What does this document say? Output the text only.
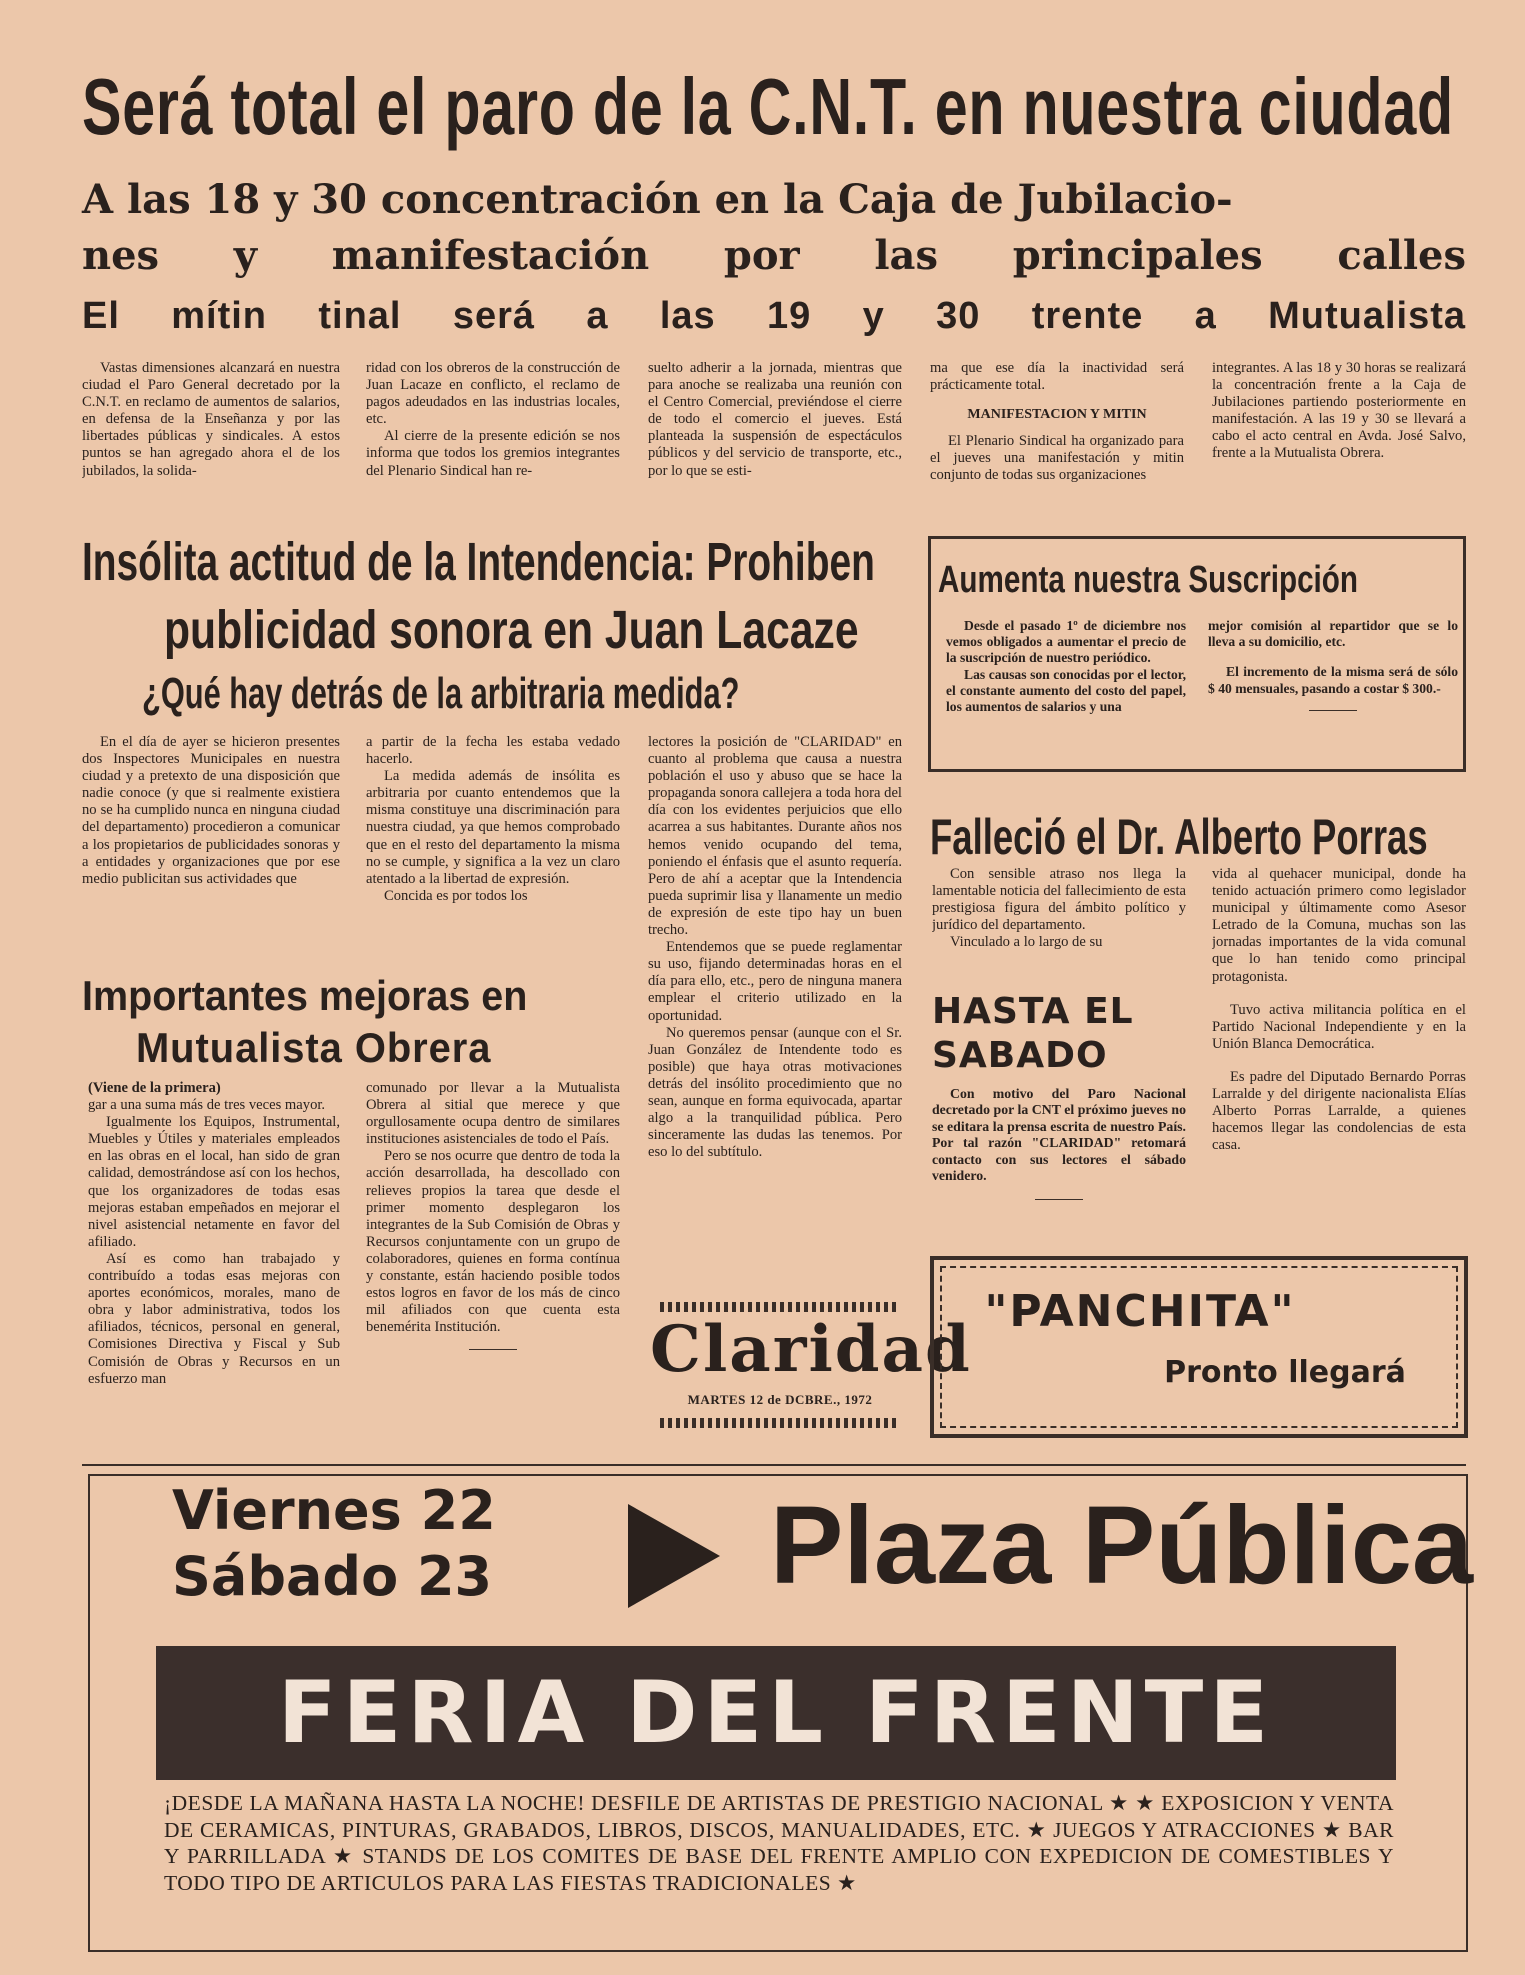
Será total el paro de la C.N.T. en nuestra ciudad
A las 18 y 30 concentración en la Caja de Jubilacio-
nes y manifestación por las principales calles
El mítin tinal será a las 19 y 30 trente a Mutualista

Vastas dimensiones alcanzará en nuestra ciudad el Paro General decretado por la C.N.T. en reclamo de aumentos de salarios, en defensa de la Enseñanza y por las libertades públicas y sindicales. A estos puntos se han agregado ahora el de los jubilados, la solida-

ridad con los obreros de la construcción de Juan Lacaze en conflicto, el reclamo de pagos adeudados en las industrias locales, etc.

Al cierre de la presente edición se nos informa que todos los gremios integrantes del Plenario Sindical han re-

suelto adherir a la jornada, mientras que para anoche se realizaba una reunión con el Centro Comercial, previéndose el cierre de todo el comercio el jueves. Está planteada la suspensión de espectáculos públicos y del servicio de transporte, etc., por lo que se esti-

ma que ese día la inactividad será prácticamente total.

MANIFESTACION Y MITIN

El Plenario Sindical ha organizado para el jueves una manifestación y mitin conjunto de todas sus organizaciones

integrantes. A las 18 y 30 horas se realizará la concentración frente a la Caja de Jubilaciones partiendo posteriormente en manifestación. A las 19 y 30 se llevará a cabo el acto central en Avda. José Salvo, frente a la Mutualista Obrera.

Insólita actitud de la Intendencia: Prohiben
publicidad sonora en Juan Lacaze
¿Qué hay detrás de la arbitraria medida?

En el día de ayer se hicieron presentes dos Inspectores Municipales en nuestra ciudad y a pretexto de una disposición que nadie conoce (y que si realmente existiera no se ha cumplido nunca en ninguna ciudad del departamento) procedieron a comunicar a los propietarios de publicidades sonoras y a entidades y organizaciones que por ese medio publicitan sus actividades que

a partir de la fecha les estaba vedado hacerlo.

La medida además de insólita es arbitraria por cuanto entendemos que la misma constituye una discriminación para nuestra ciudad, ya que hemos comprobado que en el resto del departamento la misma no se cumple, y significa a la vez un claro atentado a la libertad de expresión.

Concida es por todos los

lectores la posición de "CLARIDAD" en cuanto al problema que causa a nuestra población el uso y abuso que se hace la propaganda sonora callejera a toda hora del día con los evidentes perjuicios que ello acarrea a sus habitantes. Durante años nos hemos venido ocupando del tema, poniendo el énfasis que el asunto requería. Pero de ahí a aceptar que la Intendencia pueda suprimir lisa y llanamente un medio de expresión de este tipo hay un buen trecho.

Entendemos que se puede reglamentar su uso, fijando determinadas horas en el día para ello, etc., pero de ninguna manera emplear el criterio utilizado en la oportunidad.

No queremos pensar (aunque con el Sr. Juan González de Intendente todo es posible) que haya otras motivaciones detrás del insólito procedimiento que no sean, aunque en forma equivocada, apartar algo a la tranquilidad pública. Pero sinceramente las dudas las tenemos. Por eso lo del subtítulo.

Importantes mejoras en
Mutualista Obrera
(Viene de la primera)

gar a una suma más de tres veces mayor.

Igualmente los Equipos, Instrumental, Muebles y Útiles y materiales empleados en las obras en el local, han sido de gran calidad, demostrándose así con los hechos, que los organizadores de todas esas mejoras estaban empeñados en mejorar el nivel asistencial netamente en favor del afiliado.

Así es como han trabajado y contribuído a todas esas mejoras con aportes económicos, morales, mano de obra y labor administrativa, todos los afiliados, técnicos, personal en general, Comisiones Directiva y Fiscal y Sub Comisión de Obras y Recursos en un esfuerzo man

comunado por llevar a la Mutualista Obrera al sitial que merece y que orgullosamente ocupa dentro de similares instituciones asistenciales de todo el País.

Pero se nos ocurre que dentro de toda la acción desarrollada, ha descollado con relieves propios la tarea que desde el primer momento desplegaron los integrantes de la Sub Comisión de Obras y Recursos conjuntamente con un grupo de colaboradores, quienes en forma contínua y constante, están haciendo posible todos estos logros en favor de los más de cinco mil afiliados con que cuenta esta benemérita Institución.	Claridad
MARTES 12 de DCBRE., 1972
Aumenta nuestra Suscripción

Desde el pasado 1º de diciembre nos vemos obligados a aumentar el precio de la suscripción de nuestro periódico.

Las causas son conocidas por el lector, el constante aumento del costo del papel, los aumentos de salarios y una

mejor comisión al repartidor que se lo lleva a su domicilio, etc.

El incremento de la misma será de sólo $ 40 mensuales, pasando a costar $ 300.-

Falleció el Dr. Alberto Porras

Con sensible atraso nos llega la lamentable noticia del fallecimiento de esta prestigiosa figura del ámbito político y jurídico del departamento.

Vinculado a lo largo de su

vida al quehacer municipal, donde ha tenido actuación primero como legislador municipal y últimamente como Asesor Letrado de la Comuna, muchas son las jornadas importantes de la vida comunal que lo han tenido como principal protagonista.

Tuvo activa militancia política en el Partido Nacional Independiente y en la Unión Blanca Democrática.

Es padre del Diputado Bernardo Porras Larralde y del dirigente nacionalista Elías Alberto Porras Larralde, a quienes hacemos llegar las condolencias de esta casa.

HASTA EL
SABADO

Con motivo del Paro Nacional decretado por la CNT el próximo jueves no se editara la prensa escrita de nuestro País. Por tal razón "CLARIDAD" retomará contacto con sus lectores el sábado venidero.

"PANCHITA"
Pronto llegará
Viernes 22
Sábado 23	Plaza Pública
FERIA DEL FRENTE
¡DESDE LA MAÑANA HASTA LA NOCHE! DESFILE DE ARTISTAS DE PRESTIGIO NACIONAL ★ ★ EXPOSICION Y VENTA DE CERAMICAS, PINTURAS, GRABADOS, LIBROS, DISCOS, MANUALIDADES, ETC. ★ JUEGOS Y ATRACCIONES ★ BAR Y PARRILLADA ★ STANDS DE LOS COMITES DE BASE DEL FRENTE AMPLIO CON EXPEDICION DE COMESTIBLES Y TODO TIPO DE ARTICULOS PARA LAS FIESTAS TRADICIONALES ★
